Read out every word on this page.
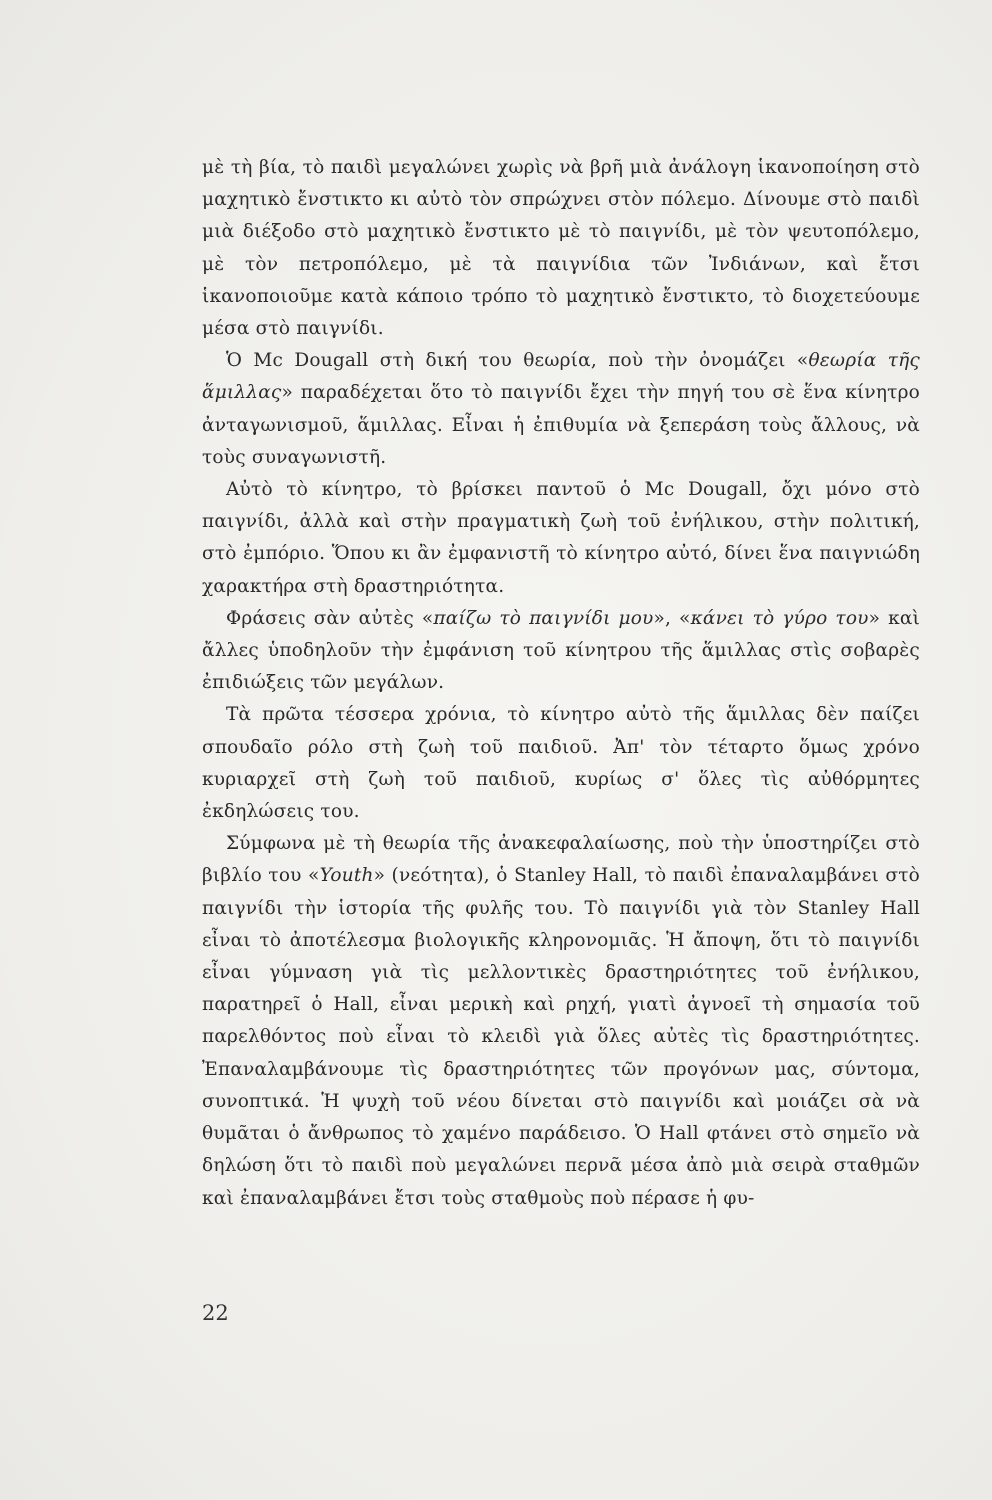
μὲ τὴ βία, τὸ παιδὶ μεγαλώνει χωρὶς νὰ βρῆ μιὰ ἀνάλογη ἱκανοποίηση στὸ μαχητικὸ ἔνστικτο κι αὐτὸ τὸν σπρώχνει στὸν πόλεμο. Δίνουμε στὸ παιδὶ μιὰ διέξοδο στὸ μαχητικὸ ἔνστικτο μὲ τὸ παιγνίδι, μὲ τὸν ψευτοπόλεμο, μὲ τὸν πετροπόλεμο, μὲ τὰ παιγνίδια τῶν Ἰνδιάνων, καὶ ἔτσι ἱκανοποιοῦμε κατὰ κάποιο τρόπο τὸ μαχητικὸ ἔνστικτο, τὸ διοχετεύουμε μέσα στὸ παιγνίδι.

Ὁ Mc Dougall στὴ δική του θεωρία, ποὺ τὴν ὀνομάζει «θεωρία τῆς ἅμιλλας» παραδέχεται ὅτο τὸ παιγνίδι ἔχει τὴν πηγή του σὲ ἕνα κίνητρο ἀνταγωνισμοῦ, ἅμιλλας. Εἶναι ἡ ἐπιθυμία νὰ ξεπεράση τοὺς ἄλλους, νὰ τοὺς συναγωνιστῆ.

Αὐτὸ τὸ κίνητρο, τὸ βρίσκει παντοῦ ὁ Mc Dougall, ὄχι μόνο στὸ παιγνίδι, ἀλλὰ καὶ στὴν πραγματικὴ ζωὴ τοῦ ἐνήλικου, στὴν πολιτική, στὸ ἐμπόριο. Ὅπου κι ἂν ἐμφανιστῆ τὸ κίνητρο αὐτό, δίνει ἕνα παιγνιώδη χαρακτήρα στὴ δραστηριότητα.

Φράσεις σὰν αὐτὲς «παίζω τὸ παιγνίδι μου», «κάνει τὸ γύρο του» καὶ ἄλλες ὑποδηλοῦν τὴν ἐμφάνιση τοῦ κίνητρου τῆς ἅμιλλας στὶς σοβαρὲς ἐπιδιώξεις τῶν μεγάλων.

Τὰ πρῶτα τέσσερα χρόνια, τὸ κίνητρο αὐτὸ τῆς ἅμιλλας δὲν παίζει σπουδαῖο ρόλο στὴ ζωὴ τοῦ παιδιοῦ. Ἀπ' τὸν τέταρτο ὅμως χρόνο κυριαρχεῖ στὴ ζωὴ τοῦ παιδιοῦ, κυρίως σ' ὅλες τὶς αὐθόρμητες ἐκδηλώσεις του.

Σύμφωνα μὲ τὴ θεωρία τῆς ἀνακεφαλαίωσης, ποὺ τὴν ὑποστηρίζει στὸ βιβλίο του «Youth» (νεότητα), ὁ Stanley Hall, τὸ παιδὶ ἐπαναλαμβάνει στὸ παιγνίδι τὴν ἱστορία τῆς φυλῆς του. Τὸ παιγνίδι γιὰ τὸν Stanley Hall εἶναι τὸ ἀποτέλεσμα βιολογικῆς κληρονομιᾶς. Ἡ ἄποψη, ὅτι τὸ παιγνίδι εἶναι γύμναση γιὰ τὶς μελλοντικὲς δραστηριότητες τοῦ ἐνήλικου, παρατηρεῖ ὁ Hall, εἶναι μερικὴ καὶ ρηχή, γιατὶ ἀγνοεῖ τὴ σημασία τοῦ παρελθόντος ποὺ εἶναι τὸ κλειδὶ γιὰ ὅλες αὐτὲς τὶς δραστηριότητες. Ἐπαναλαμβάνουμε τὶς δραστηριότητες τῶν προγόνων μας, σύντομα, συνοπτικά. Ἡ ψυχὴ τοῦ νέου δίνεται στὸ παιγνίδι καὶ μοιάζει σὰ νὰ θυμᾶται ὁ ἄνθρωπος τὸ χαμένο παράδεισο. Ὁ Hall φτάνει στὸ σημεῖο νὰ δηλώση ὅτι τὸ παιδὶ ποὺ μεγαλώνει περνᾶ μέσα ἀπὸ μιὰ σειρὰ σταθμῶν καὶ ἐπαναλαμβάνει ἔτσι τοὺς σταθμοὺς ποὺ πέρασε ἡ φυ-

22
